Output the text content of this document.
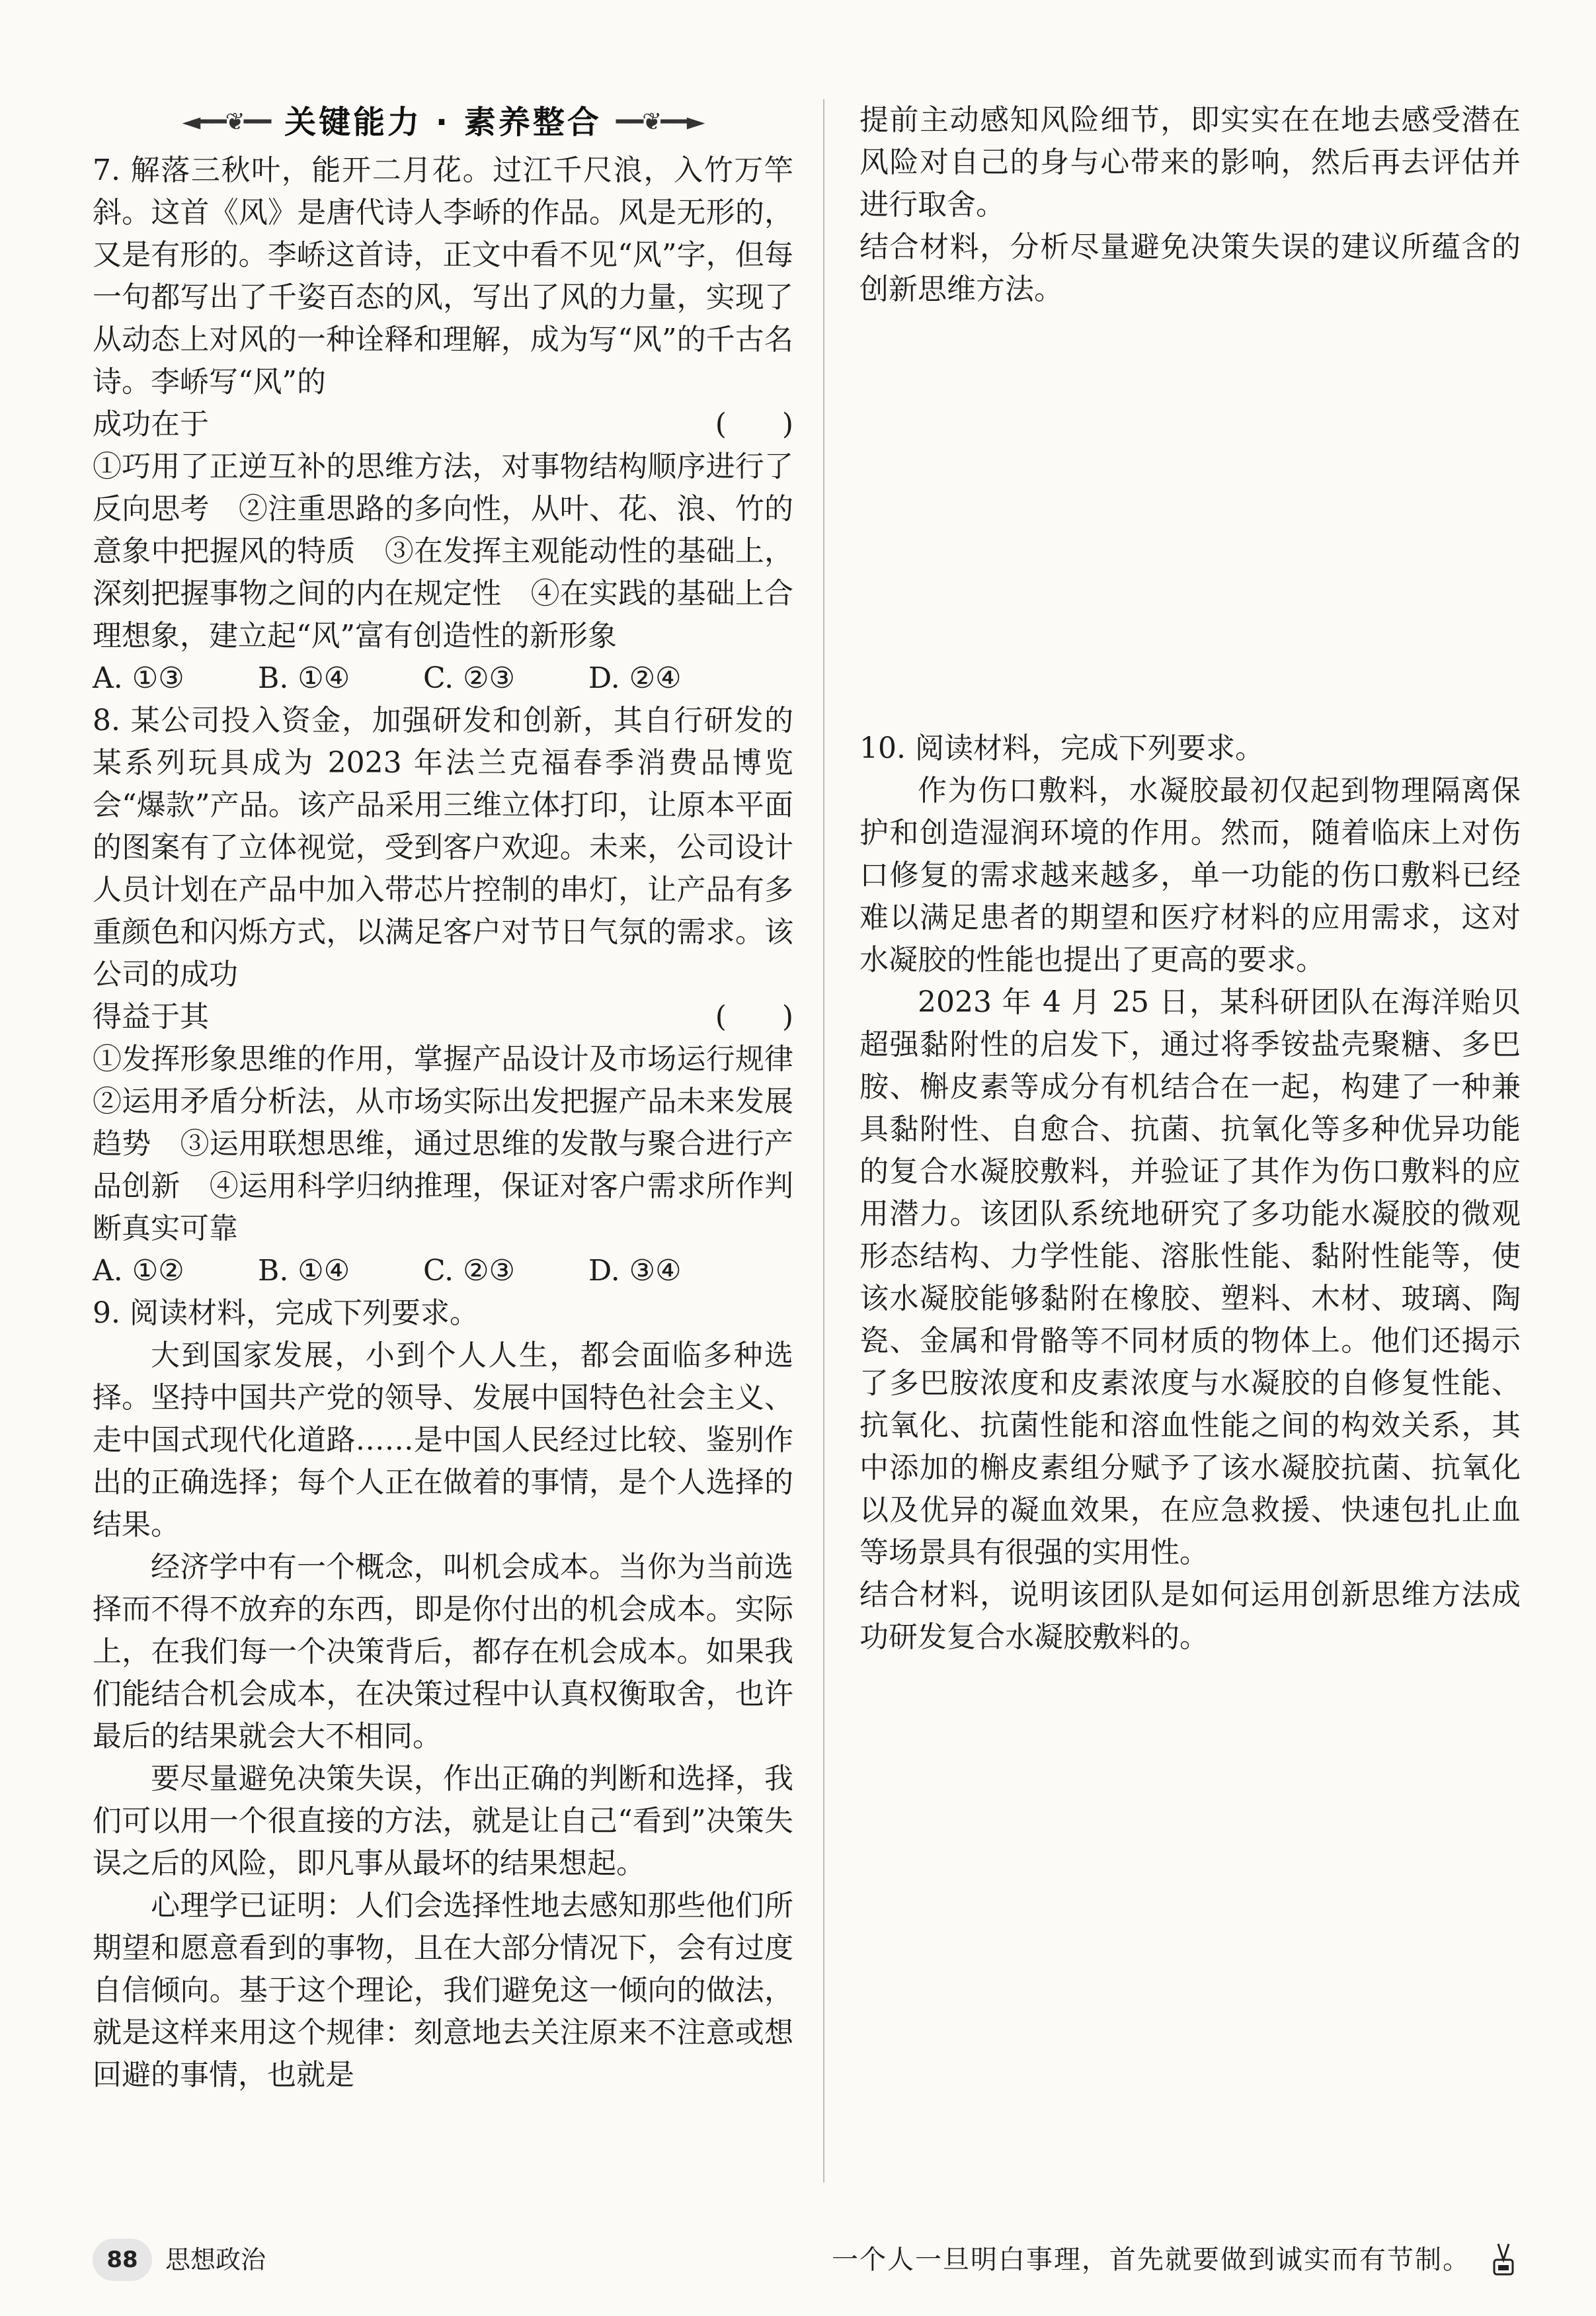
◄━━❦━━ 关键能力 · 素养整合 ━━❦━━►

7. 解落三秋叶，能开二月花。过江千尺浪，入竹万竿斜。这首《风》是唐代诗人李峤的作品。风是无形的，又是有形的。李峤这首诗，正文中看不见“风”字，但每一句都写出了千姿百态的风，写出了风的力量，实现了从动态上对风的一种诠释和理解，成为写“风”的千古名诗。李峤写“风”的

成功在于	(      )

①巧用了正逆互补的思维方法，对事物结构顺序进行了反向思考　②注重思路的多向性，从叶、花、浪、竹的意象中把握风的特质　③在发挥主观能动性的基础上，深刻把握事物之间的内在规定性　④在实践的基础上合理想象，建立起“风”富有创造性的新形象

A. ①③	B. ①④	C. ②③	D. ②④

8. 某公司投入资金，加强研发和创新，其自行研发的某系列玩具成为 2023 年法兰克福春季消费品博览会“爆款”产品。该产品采用三维立体打印，让原本平面的图案有了立体视觉，受到客户欢迎。未来，公司设计人员计划在产品中加入带芯片控制的串灯，让产品有多重颜色和闪烁方式，以满足客户对节日气氛的需求。该公司的成功

得益于其	(      )

①发挥形象思维的作用，掌握产品设计及市场运行规律　②运用矛盾分析法，从市场实际出发把握产品未来发展趋势　③运用联想思维，通过思维的发散与聚合进行产品创新　④运用科学归纳推理，保证对客户需求所作判断真实可靠

A. ①②	B. ①④	C. ②③	D. ③④

9. 阅读材料，完成下列要求。

大到国家发展，小到个人人生，都会面临多种选择。坚持中国共产党的领导、发展中国特色社会主义、走中国式现代化道路……是中国人民经过比较、鉴别作出的正确选择；每个人正在做着的事情，是个人选择的结果。

经济学中有一个概念，叫机会成本。当你为当前选择而不得不放弃的东西，即是你付出的机会成本。实际上，在我们每一个决策背后，都存在机会成本。如果我们能结合机会成本，在决策过程中认真权衡取舍，也许最后的结果就会大不相同。

要尽量避免决策失误，作出正确的判断和选择，我们可以用一个很直接的方法，就是让自己“看到”决策失误之后的风险，即凡事从最坏的结果想起。

心理学已证明：人们会选择性地去感知那些他们所期望和愿意看到的事物，且在大部分情况下，会有过度自信倾向。基于这个理论，我们避免这一倾向的做法，就是这样来用这个规律：刻意地去关注原来不注意或想回避的事情，也就是

提前主动感知风险细节，即实实在在地去感受潜在风险对自己的身与心带来的影响，然后再去评估并进行取舍。

结合材料，分析尽量避免决策失误的建议所蕴含的创新思维方法。

10. 阅读材料，完成下列要求。

作为伤口敷料，水凝胶最初仅起到物理隔离保护和创造湿润环境的作用。然而，随着临床上对伤口修复的需求越来越多，单一功能的伤口敷料已经难以满足患者的期望和医疗材料的应用需求，这对水凝胶的性能也提出了更高的要求。

2023 年 4 月 25 日，某科研团队在海洋贻贝超强黏附性的启发下，通过将季铵盐壳聚糖、多巴胺、槲皮素等成分有机结合在一起，构建了一种兼具黏附性、自愈合、抗菌、抗氧化等多种优异功能的复合水凝胶敷料，并验证了其作为伤口敷料的应用潜力。该团队系统地研究了多功能水凝胶的微观形态结构、力学性能、溶胀性能、黏附性能等，使该水凝胶能够黏附在橡胶、塑料、木材、玻璃、陶瓷、金属和骨骼等不同材质的物体上。他们还揭示了多巴胺浓度和皮素浓度与水凝胶的自修复性能、抗氧化、抗菌性能和溶血性能之间的构效关系，其中添加的槲皮素组分赋予了该水凝胶抗菌、抗氧化以及优异的凝血效果，在应急救援、快速包扎止血等场景具有很强的实用性。

结合材料，说明该团队是如何运用创新思维方法成功研发复合水凝胶敷料的。

88	思想政治	一个人一旦明白事理，首先就要做到诚实而有节制。
